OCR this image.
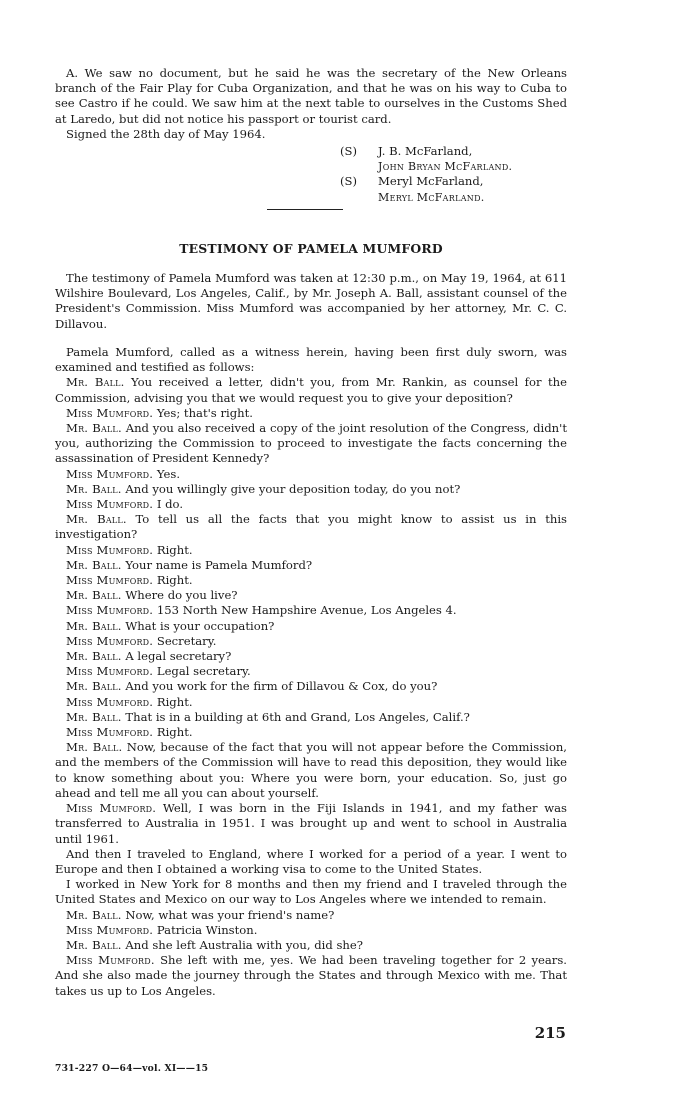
A. We saw no document, but he said he was the secretary of the New Orleans branch of the Fair Play for Cuba Organization, and that he was on his way to Cuba to see Castro if he could. We saw him at the next table to ourselves in the Customs Shed at Laredo, but did not notice his passport or tourist card.

Signed the 28th day of May 1964.

(S)	J. B. McFarland,
John Bryan McFarland.
(S)	Meryl McFarland,
Meryl McFarland.
TESTIMONY OF PAMELA MUMFORD

The testimony of Pamela Mumford was taken at 12:30 p.m., on May 19, 1964, at 611 Wilshire Boulevard, Los Angeles, Calif., by Mr. Joseph A. Ball, assistant counsel of the President's Commission. Miss Mumford was accompanied by her attorney, Mr. C. C. Dillavou.

Pamela Mumford, called as a witness herein, having been first duly sworn, was examined and testified as follows:

Mr. Ball. You received a letter, didn't you, from Mr. Rankin, as counsel for the Commission, advising you that we would request you to give your deposition?

Miss Mumford. Yes; that's right.

Mr. Ball. And you also received a copy of the joint resolution of the Congress, didn't you, authorizing the Commission to proceed to investigate the facts concerning the assassination of President Kennedy?

Miss Mumford. Yes.

Mr. Ball. And you willingly give your deposition today, do you not?

Miss Mumford. I do.

Mr. Ball. To tell us all the facts that you might know to assist us in this investigation?

Miss Mumford. Right.

Mr. Ball. Your name is Pamela Mumford?

Miss Mumford. Right.

Mr. Ball. Where do you live?

Miss Mumford. 153 North New Hampshire Avenue, Los Angeles 4.

Mr. Ball. What is your occupation?

Miss Mumford. Secretary.

Mr. Ball. A legal secretary?

Miss Mumford. Legal secretary.

Mr. Ball. And you work for the firm of Dillavou & Cox, do you?

Miss Mumford. Right.

Mr. Ball. That is in a building at 6th and Grand, Los Angeles, Calif.?

Miss Mumford. Right.

Mr. Ball. Now, because of the fact that you will not appear before the Commission, and the members of the Commission will have to read this deposition, they would like to know something about you: Where you were born, your education. So, just go ahead and tell me all you can about yourself.

Miss Mumford. Well, I was born in the Fiji Islands in 1941, and my father was transferred to Australia in 1951. I was brought up and went to school in Australia until 1961.

And then I traveled to England, where I worked for a period of a year. I went to Europe and then I obtained a working visa to come to the United States.

I worked in New York for 8 months and then my friend and I traveled through the United States and Mexico on our way to Los Angeles where we intended to remain.

Mr. Ball. Now, what was your friend's name?

Miss Mumford. Patricia Winston.

Mr. Ball. And she left Australia with you, did she?

Miss Mumford. She left with me, yes. We had been traveling together for 2 years. And she also made the journey through the States and through Mexico with me. That takes us up to Los Angeles.

215
731-227 O—64—vol. XI——15
